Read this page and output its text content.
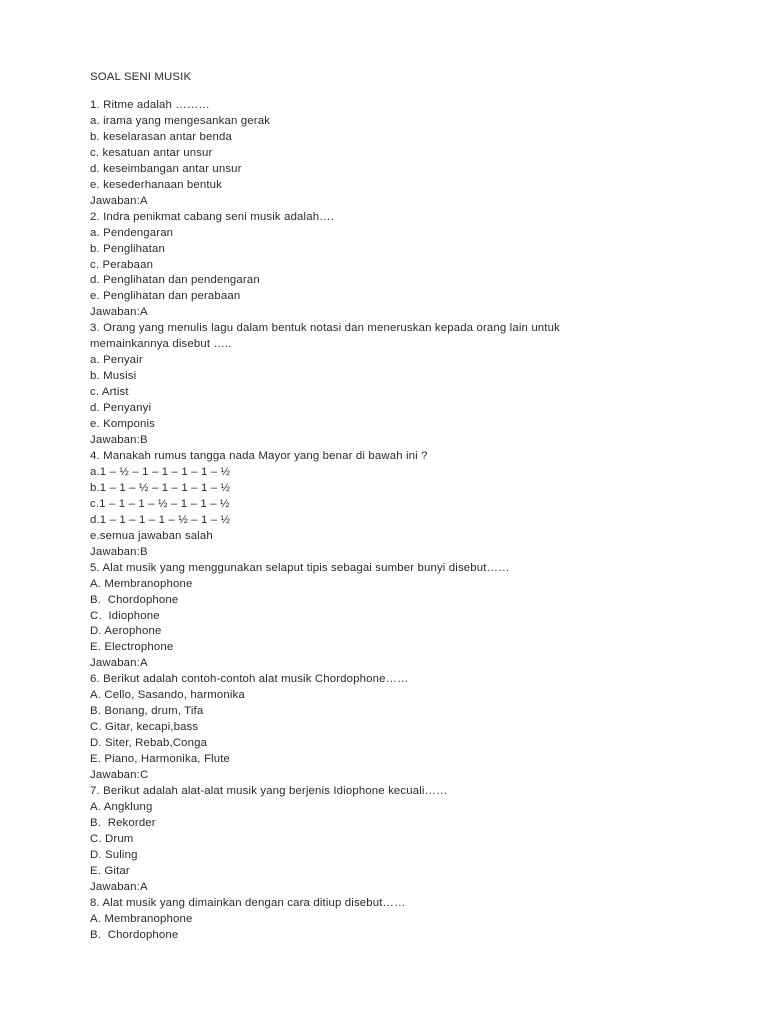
SOAL SENI MUSIK
1. Ritme adalah ………
a. irama yang mengesankan gerak
b. keselarasan antar benda
c. kesatuan antar unsur
d. keseimbangan antar unsur
e. kesederhanaan bentuk
Jawaban:A
2. Indra penikmat cabang seni musik adalah….
a. Pendengaran
b. Penglihatan
c. Perabaan
d. Penglihatan dan pendengaran
e. Penglihatan dan perabaan
Jawaban:A
3. Orang yang menulis lagu dalam bentuk notasi dan meneruskan kepada orang lain untuk
memainkannya disebut …..
a. Penyair
b. Musisi
c. Artist
d. Penyanyi
e. Komponis
Jawaban:B
4. Manakah rumus tangga nada Mayor yang benar di bawah ini ?
a.1 – ½ – 1 – 1 – 1 – 1 – ½
b.1 – 1 – ½ – 1 – 1 – 1 – ½
c.1 – 1 – 1 – ½ – 1 – 1 – ½
d.1 – 1 – 1 – 1 – ½ – 1 – ½
e.semua jawaban salah
Jawaban:B
5. Alat musik yang menggunakan selaput tipis sebagai sumber bunyi disebut……
A. Membranophone
B.  Chordophone
C.  Idiophone
D. Aerophone
E. Electrophone
Jawaban:A
6. Berikut adalah contoh-contoh alat musik Chordophone……
A. Cello, Sasando, harmonika
B. Bonang, drum, Tifa
C. Gitar, kecapi,bass
D. Siter, Rebab,Conga
E. Piano, Harmonika, Flute
Jawaban:C
7. Berikut adalah alat-alat musik yang berjenis Idiophone kecuali……
A. Angklung
B.  Rekorder
C. Drum
D. Suling
E. Gitar
Jawaban:A
8. Alat musik yang dimainkan dengan cara ditiup disebut……
A. Membranophone
B.  Chordophone
